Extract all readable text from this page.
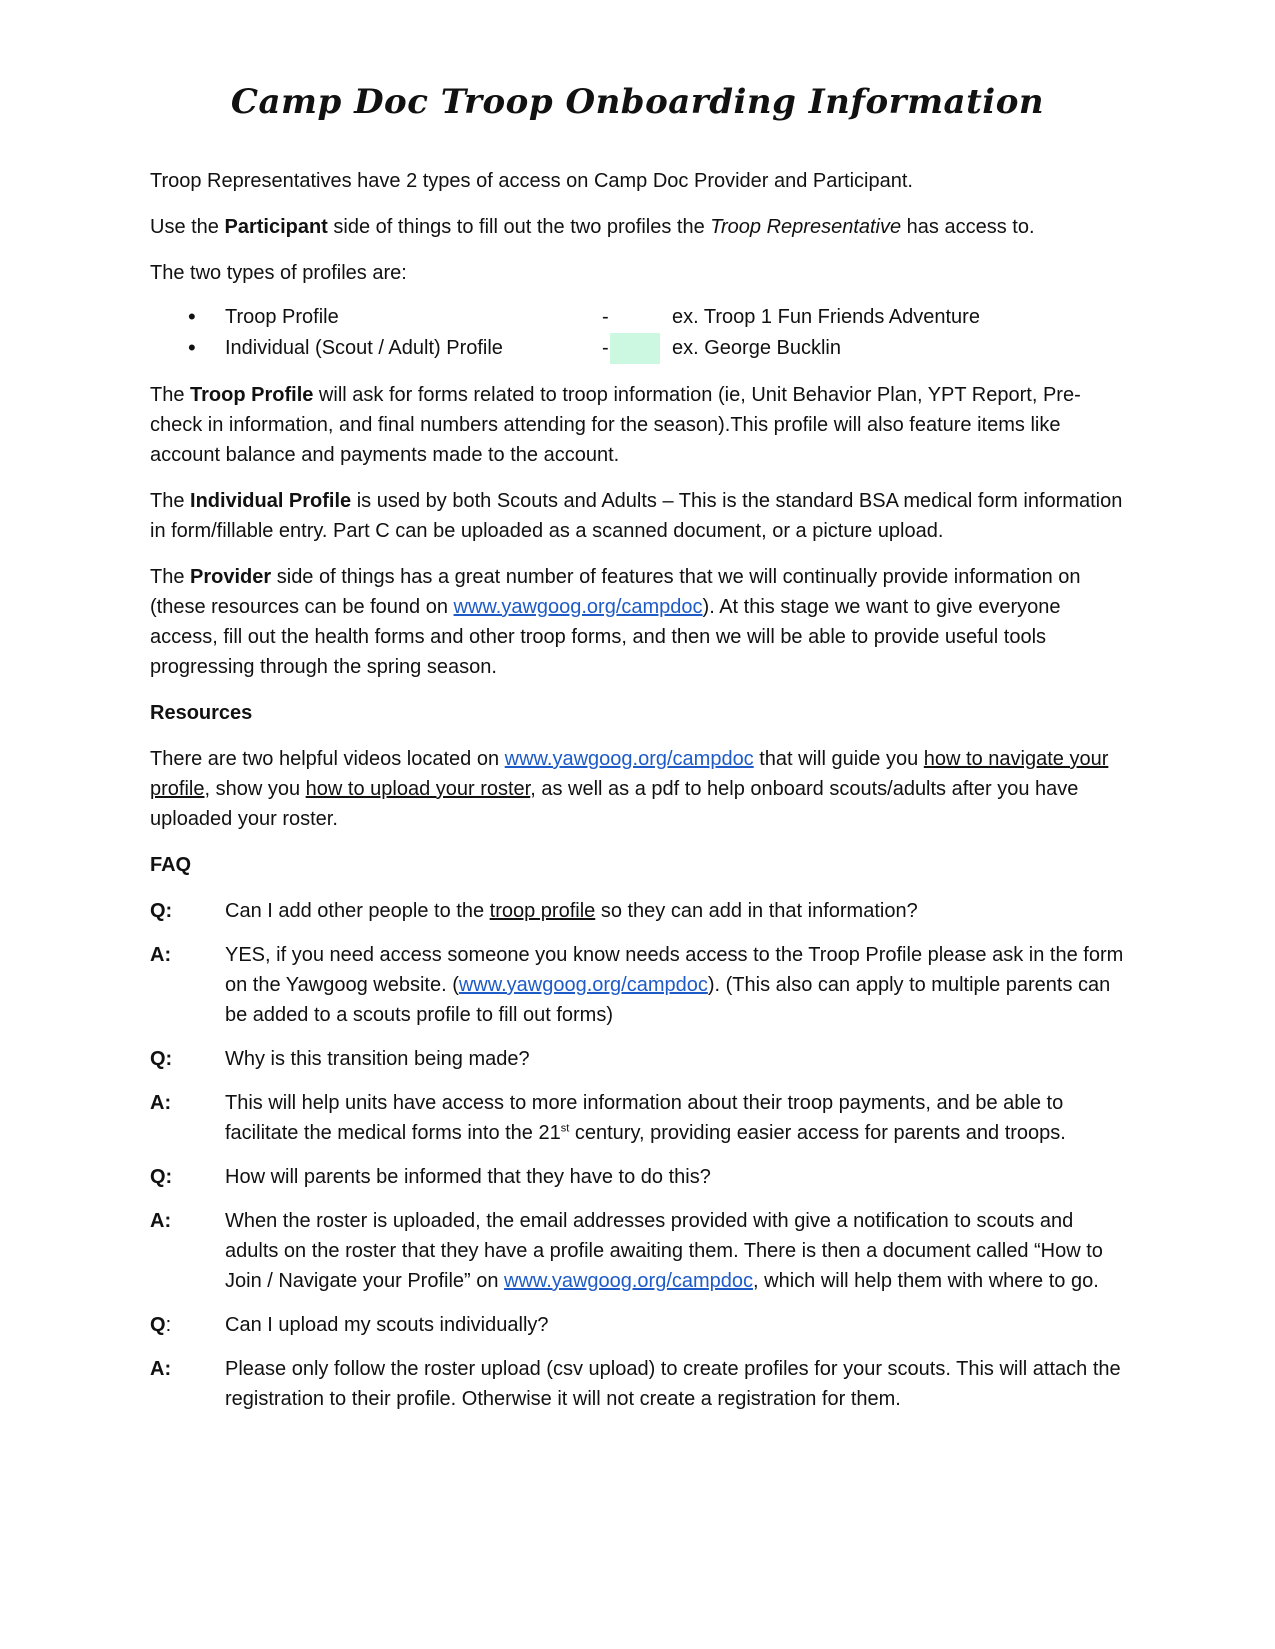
Camp Doc Troop Onboarding Information

Troop Representatives have 2 types of access on Camp Doc Provider and Participant.

Use the Participant side of things to fill out the two profiles the Troop Representative has access to.

The two types of profiles are:

•
Troop Profile	-	ex. Troop 1 Fun Friends Adventure
•
Individual (Scout / Adult) Profile	-	ex. George Bucklin

The Troop Profile will ask for forms related to troop information (ie, Unit Behavior Plan, YPT Report, Pre-check in information, and final numbers attending for the season).This profile will also feature items like account balance and payments made to the account.

The Individual Profile is used by both Scouts and Adults – This is the standard BSA medical form information in form/fillable entry. Part C can be uploaded as a scanned document, or a picture upload.

The Provider side of things has a great number of features that we will continually provide information on (these resources can be found on www.yawgoog.org/campdoc). At this stage we want to give everyone access, fill out the health forms and other troop forms, and then we will be able to provide useful tools progressing through the spring season.

Resources

There are two helpful videos located on www.yawgoog.org/campdoc that will guide you how to navigate your profile, show you how to upload your roster, as well as a pdf to help onboard scouts/adults after you have uploaded your roster.

FAQ

Q:	Can I add other people to the troop profile so they can add in that information?
A:	YES, if you need access someone you know needs access to the Troop Profile please ask in the form on the Yawgoog website. (www.yawgoog.org/campdoc). (This also can apply to multiple parents can be added to a scouts profile to fill out forms)
Q:	Why is this transition being made?
A:	This will help units have access to more information about their troop payments, and be able to facilitate the medical forms into the 21st century, providing easier access for parents and troops.
Q:	How will parents be informed that they have to do this?
A:	When the roster is uploaded, the email addresses provided with give a notification to scouts and adults on the roster that they have a profile awaiting them. There is then a document called “How to Join / Navigate your Profile” on www.yawgoog.org/campdoc, which will help them with where to go.
Q:	Can I upload my scouts individually?
A:	Please only follow the roster upload (csv upload) to create profiles for your scouts. This will attach the registration to their profile. Otherwise it will not create a registration for them.
